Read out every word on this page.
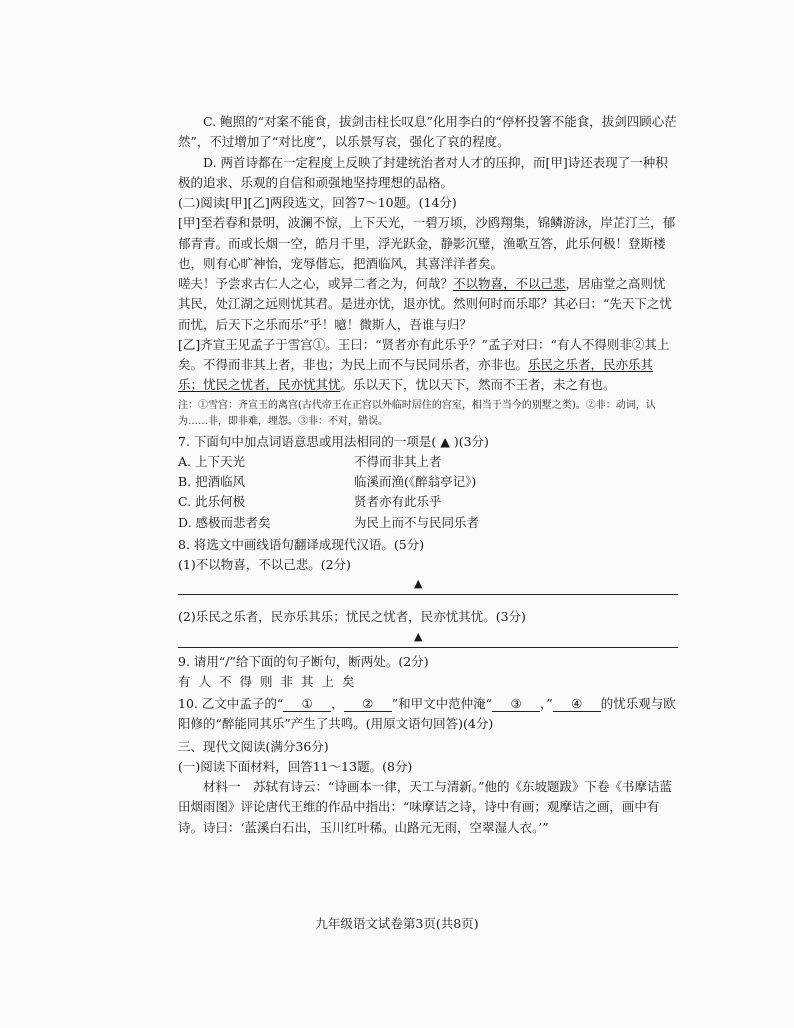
C. 鲍照的“对案不能食，拔剑击柱长叹息”化用李白的“停杯投箸不能食，拔剑四顾心茫然”，不过增加了“对比度”，以乐景写哀，强化了哀的程度。

D. 两首诗都在一定程度上反映了封建统治者对人才的压抑，而[甲]诗还表现了一种积极的追求、乐观的自信和顽强地坚持理想的品格。

(二)阅读[甲][乙]两段选文，回答7～10题。(14分)

[甲]至若春和景明，波澜不惊，上下天光，一碧万顷，沙鸥翔集，锦鳞游泳，岸芷汀兰，郁郁青青。而或长烟一空，皓月千里，浮光跃金，静影沉璧，渔歌互答，此乐何极！登斯楼也，则有心旷神怡，宠辱偕忘，把酒临风，其喜洋洋者矣。

嗟夫！予尝求古仁人之心，或异二者之为，何哉？不以物喜，不以己悲，居庙堂之高则忧其民，处江湖之远则忧其君。是进亦忧，退亦忧。然则何时而乐耶？其必曰：“先天下之忧而忧，后天下之乐而乐”乎！噫！微斯人，吾谁与归？

[乙]齐宣王见孟子于雪宫①。王曰：“贤者亦有此乐乎？”孟子对曰：“有人不得则非②其上矣。不得而非其上者，非也；为民上而不与民同乐者，亦非也。乐民之乐者，民亦乐其乐；忧民之忧者，民亦忧其忧。乐以天下，忧以天下，然而不王者，未之有也。

注：①雪宫：齐宣王的离宫(古代帝王在正宫以外临时居住的宫室，相当于当今的别墅之类)。②非：动词，认为……非，即非难，埋怨。③非：不对，错误。

7. 下面句中加点词语意思或用法相同的一项是( ▲ )(3分)

A. 上下天光	不得而非其上者
B. 把酒临风	临溪而渔(《醉翁亭记》)
C. 此乐何极	贤者亦有此乐乎
D. 感极而悲者矣	为民上而不与民同乐者

8. 将选文中画线语句翻译成现代汉语。(5分)

(1)不以物喜，不以己悲。(2分)

▲

(2)乐民之乐者，民亦乐其乐；忧民之忧者，民亦忧其忧。(3分)

▲

9. 请用“/”给下面的句子断句，断两处。(2分)

有人不得则非其上矣

10. 乙文中孟子的“ ① ， ② ”和甲文中范仲淹“ ③ ，” ④ 的忧乐观与欧阳修的“醉能同其乐”产生了共鸣。(用原文语句回答)(4分)

三、现代文阅读(满分36分)

(一)阅读下面材料，回答11～13题。(8分)

材料一　苏轼有诗云：“诗画本一律，天工与清新。”他的《东坡题跋》下卷《书摩诘蓝田烟雨图》评论唐代王维的作品中指出：“味摩诘之诗，诗中有画；观摩诘之画，画中有诗。诗曰：‘蓝溪白石出，玉川红叶稀。山路元无雨，空翠湿人衣。’”

九年级语文试卷第3页(共8页)
